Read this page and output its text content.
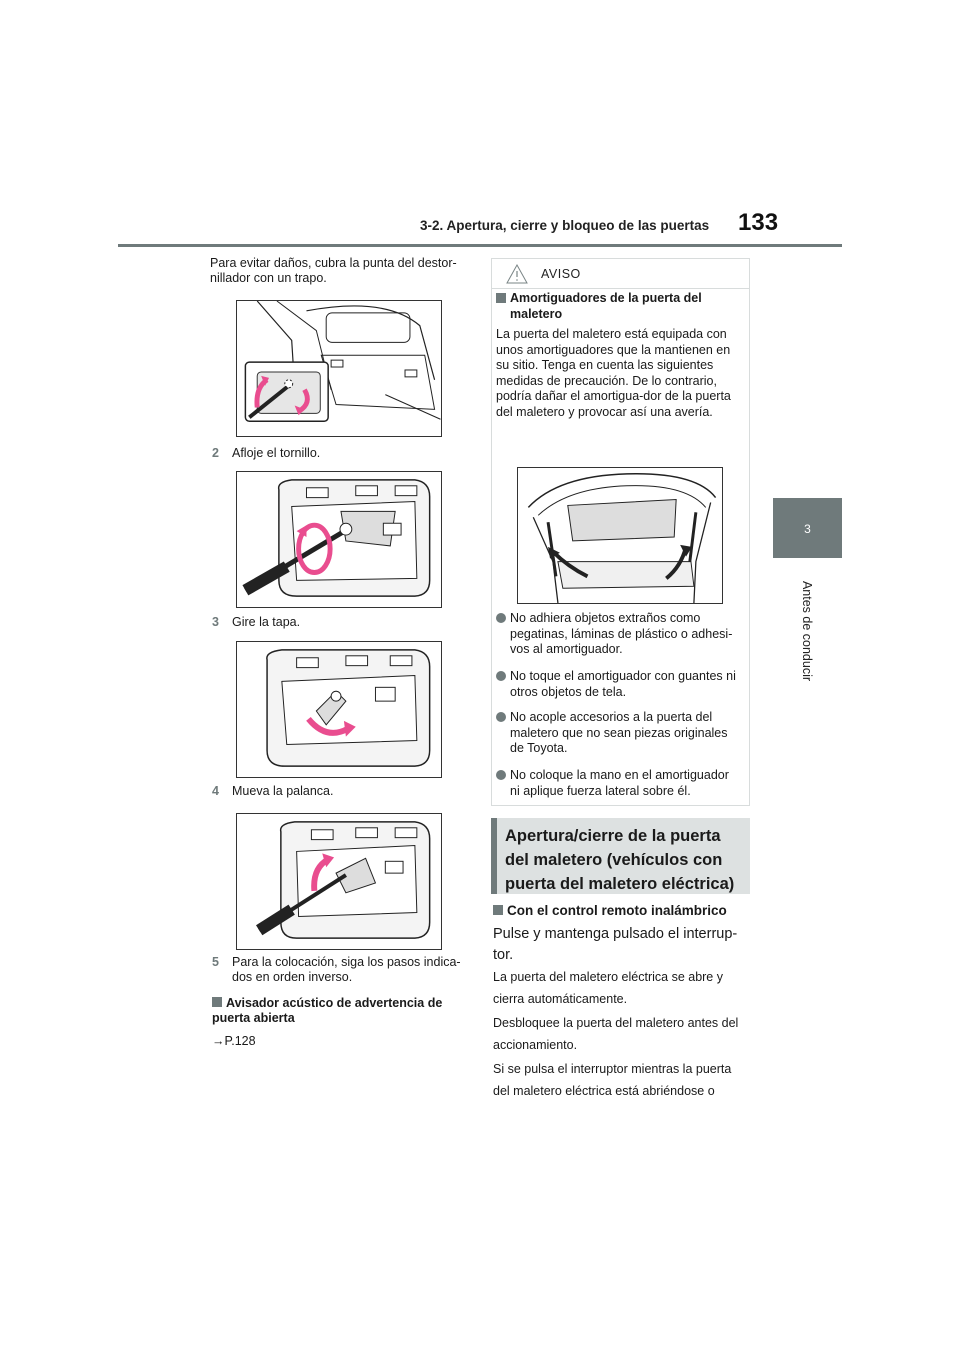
3-2. Apertura, cierre y bloqueo de las puertas 133
3
Antes de conducir

Para evitar daños, cubra la punta del destor-nillador con un trapo.

2 Afloje el tornillo.
3 Gire la tapa.
4 Mueva la palanca.
5 Para la colocación, siga los pasos indica-dos en orden inverso.
Avisador acústico de advertencia de puerta abierta
→P.128
AVISO
Amortiguadores de la puerta del maletero
La puerta del maletero está equipada con unos amortiguadores que la mantienen en su sitio. Tenga en cuenta las siguientes medidas de precaución. De lo contrario, podría dañar el amortigua-dor de la puerta del maletero y provocar así una avería.
No adhiera objetos extraños como pegatinas, láminas de plástico o adhesi-vos al amortiguador.
No toque el amortiguador con guantes ni otros objetos de tela.
No acople accesorios a la puerta del maletero que no sean piezas originales de Toyota.
No coloque la mano en el amortiguador ni aplique fuerza lateral sobre él.
Apertura/cierre de la puerta del maletero (vehículos con puerta del maletero eléctrica)
Con el control remoto inalámbrico
Pulse y mantenga pulsado el interrup-tor.
La puerta del maletero eléctrica se abre y cierra automáticamente.
Desbloquee la puerta del maletero antes del accionamiento.
Si se pulsa el interruptor mientras la puerta del maletero eléctrica está abriéndose o
